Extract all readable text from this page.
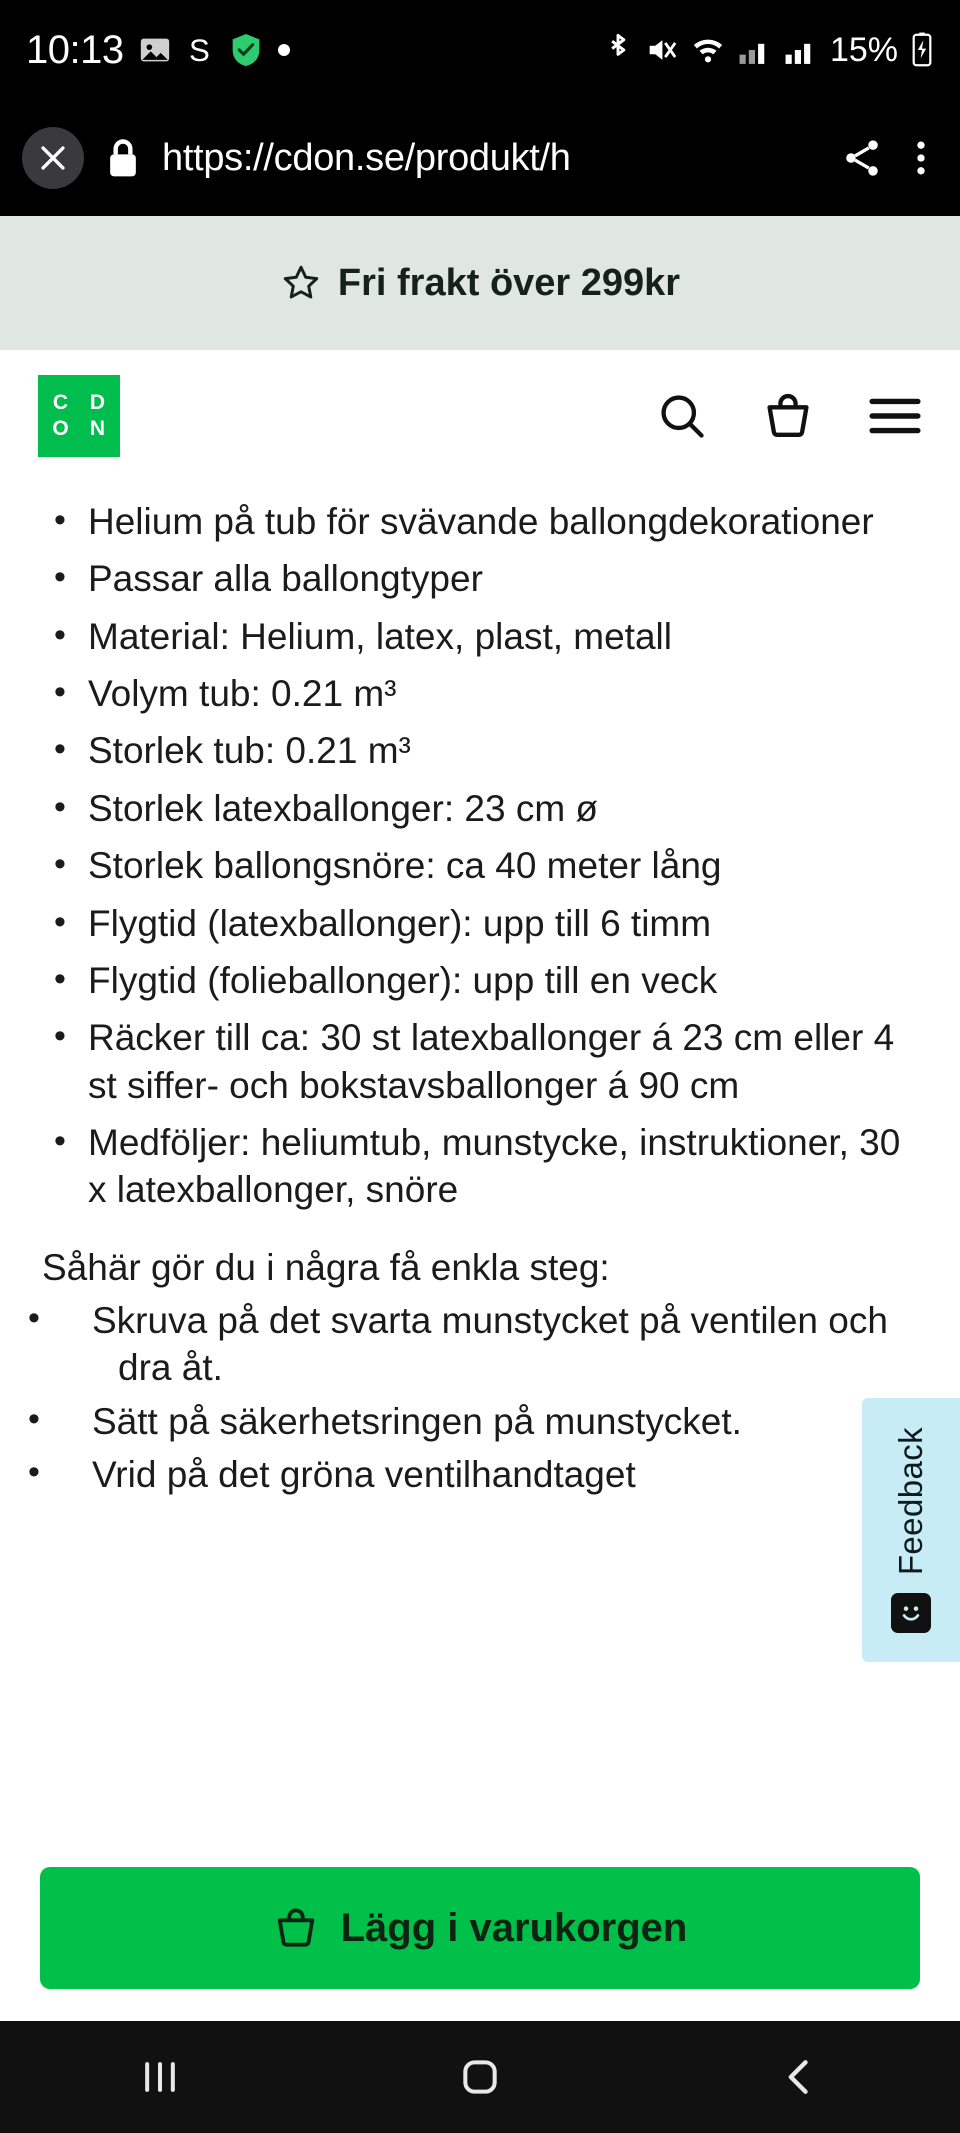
10:13	S	15%
https://cdon.se/produkt/h
Fri frakt över 299kr
C D
O N
• Helium på tub för svävande ballongdekorationer
• Passar alla ballongtyper
• Material: Helium, latex, plast, metall
• Volym tub: 0.21 m³
• Storlek tub: 0.21 m³
• Storlek latexballonger: 23 cm ø
• Storlek ballongsnöre: ca 40 meter lång
• Flygtid (latexballonger): upp till 6 timm
• Flygtid (folieballonger): upp till en veck
• Räcker till ca: 30 st latexballonger á 23 cm eller 4 st siffer- och bokstavsballonger á 90 cm
• Medföljer: heliumtub, munstycke, instruktioner, 30 x latexballonger, snöre
Såhär gör du i några få enkla steg:
• Skruva på det svarta munstycket på ventilen och dra åt.
• Sätt på säkerhetsringen på munstycket.
• Vrid på det gröna ventilhandtaget	Feedback
Lägg i varukorgen
